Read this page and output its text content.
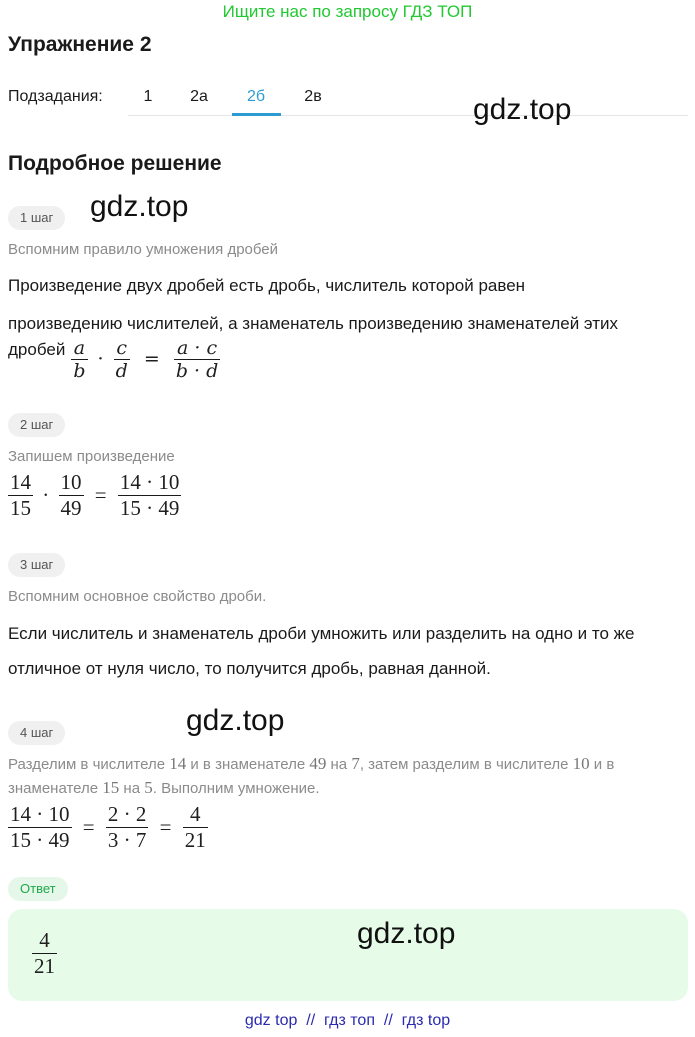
Ищите нас по запросу ГДЗ ТОП
Упражнение 2
Подзадания:	1	2а	2б	2в	gdz.top
Подробное решение
1 шаг	gdz.top
Вспомним правило умножения дробей
Произведение двух дробей есть дробь, числитель которой равен
произведению числителей, а знаменатель произведению знаменателей этих
дробей $\frac{a}{b} \cdot \frac{c}{d} = \frac{a \cdot c}{b \cdot d}$
2 шаг
Запишем произведение
$\frac{14}{15} \cdot \frac{10}{49} = \frac{14 \cdot 10}{15 \cdot 49}$
3 шаг
Вспомним основное свойство дроби.
Если числитель и знаменатель дроби умножить или разделить на одно и то же
отличное от нуля число, то получится дробь, равная данной.
4 шаг	gdz.top
Разделим в числителе 14 и в знаменателе 49 на 7, затем разделим в числителе 10 и в
знаменателе 15 на 5. Выполним умножение.
$\frac{14 \cdot 10}{15 \cdot 49} = \frac{2 \cdot 2}{3 \cdot 7} = \frac{4}{21}$
Ответ
$\frac{4}{21}$	gdz.top
gdz top  //  гдз топ  //  гдз top
